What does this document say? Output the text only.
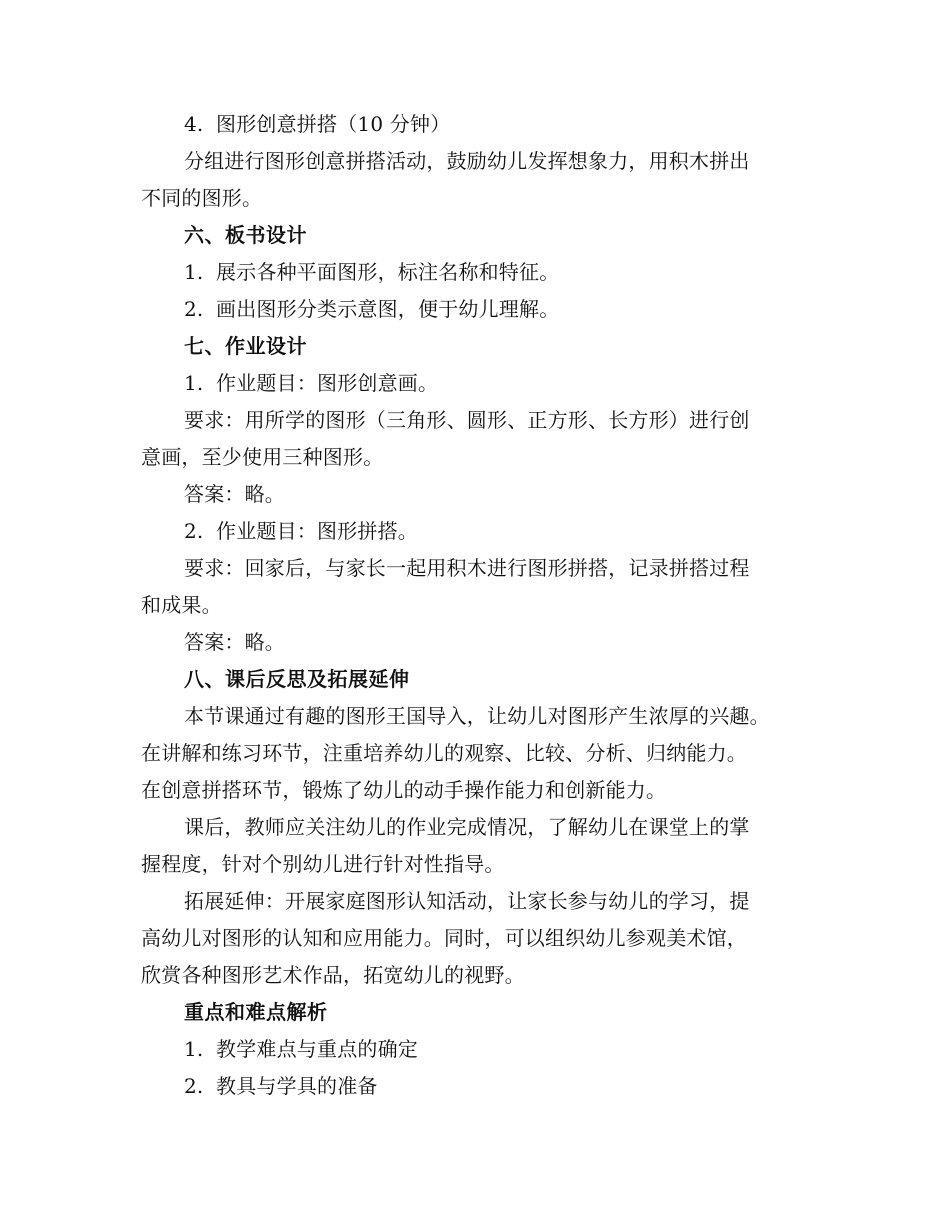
4. 图形创意拼搭（10 分钟）
分组进行图形创意拼搭活动，鼓励幼儿发挥想象力，用积木拼出
不同的图形。
六、板书设计
1. 展示各种平面图形，标注名称和特征。
2. 画出图形分类示意图，便于幼儿理解。
七、作业设计
1. 作业题目：图形创意画。
要求：用所学的图形（三角形、圆形、正方形、长方形）进行创
意画，至少使用三种图形。
答案：略。
2. 作业题目：图形拼搭。
要求：回家后，与家长一起用积木进行图形拼搭，记录拼搭过程
和成果。
答案：略。
八、课后反思及拓展延伸
本节课通过有趣的图形王国导入，让幼儿对图形产生浓厚的兴趣。
在讲解和练习环节，注重培养幼儿的观察、比较、分析、归纳能力。
在创意拼搭环节，锻炼了幼儿的动手操作能力和创新能力。
课后，教师应关注幼儿的作业完成情况，了解幼儿在课堂上的掌
握程度，针对个别幼儿进行针对性指导。
拓展延伸：开展家庭图形认知活动，让家长参与幼儿的学习，提
高幼儿对图形的认知和应用能力。同时，可以组织幼儿参观美术馆，
欣赏各种图形艺术作品，拓宽幼儿的视野。
重点和难点解析
1. 教学难点与重点的确定
2. 教具与学具的准备
